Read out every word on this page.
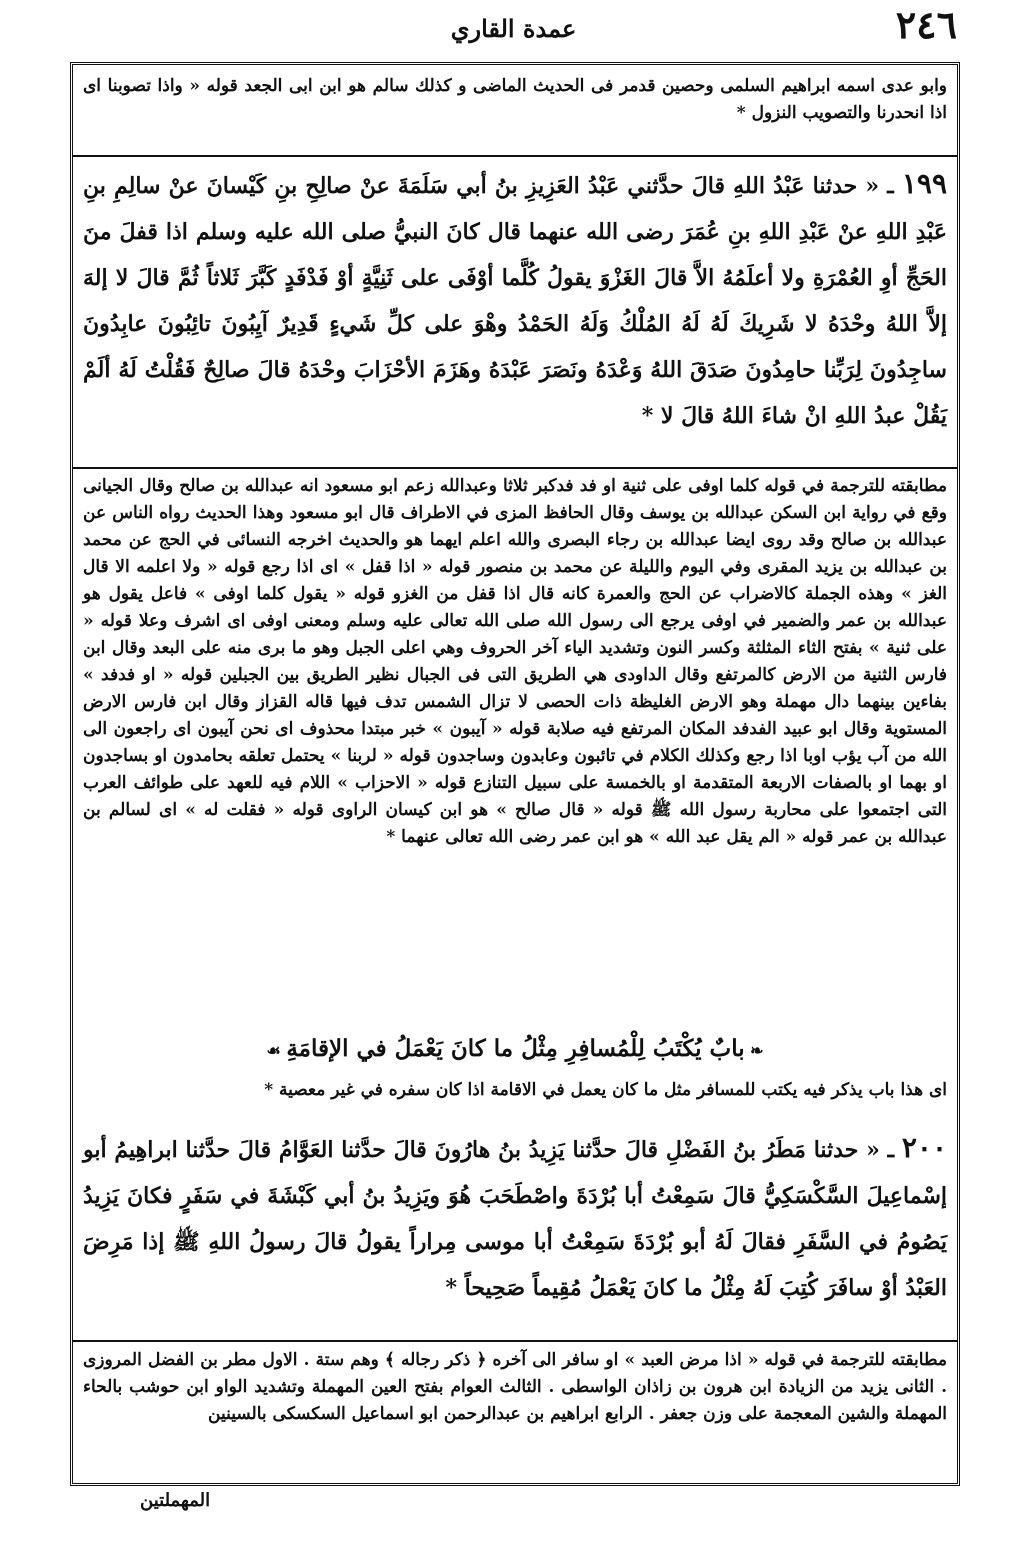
عمدة القاري	٢٤٦

وابو عدى اسمه ابراهيم السلمى وحصين قدمر فى الحديث الماضى و كذلك سالم هو ابن ابى الجعد قوله « واذا تصوبنا اى اذا انحدرنا والتصويب النزول *

١٩٩ ـ « حدثنا عَبْدُ اللهِ قالَ حدَّثني عَبْدُ العَزِيزِ بنُ أبي سَلَمَةَ عنْ صالِحِ بنِ كَيْسانَ عنْ سالِمِ بنِ عَبْدِ اللهِ عنْ عَبْدِ اللهِ بنِ عُمَرَ رضى الله عنهما قال كانَ النبيُّ صلى الله عليه وسلم اذا قفلَ منَ الحَجِّ أوِ العُمْرَةِ ولا أعلَمُهُ الاَّ قالَ الغَزْوَ يقولُ كُلَّما أوْفَى على ثَنِيَّةٍ أوْ فَدْفَدٍ كَبَّرَ ثَلاثاً ثُمَّ قالَ لا إلهَ إلاَّ اللهُ وحْدَهُ لا شَرِيكَ لَهُ لَهُ المُلْكُ وَلَهُ الحَمْدُ وهْوَ على كلِّ شَيءٍ قَدِيرٌ آيِبُونَ تائِبُونَ عابِدُونَ ساجِدُونَ لِرَبِّنا حامِدُونَ صَدَقَ اللهُ وَعْدَهُ ونَصَرَ عَبْدَهُ وهَزَمَ الأحْزَابَ وحْدَهُ قالَ صالِحٌ فَقُلْتُ لَهُ ألَمْ يَقُلْ عبدُ اللهِ انْ شاءَ اللهُ قالَ لا *

مطابقته للترجمة في قوله كلما اوفى على ثنية او فد فدكبر ثلاثا وعبدالله زعم ابو مسعود انه عبدالله بن صالح وقال الجيانى وقع في رواية ابن السكن عبدالله بن يوسف وقال الحافظ المزى في الاطراف قال ابو مسعود وهذا الحديث رواه الناس عن عبدالله بن صالح وقد روى ايضا عبدالله بن رجاء البصرى والله اعلم ايهما هو والحديث اخرجه النسائى في الحج عن محمد بن عبدالله بن يزيد المقرى وفي اليوم والليلة عن محمد بن منصور قوله « اذا قفل » اى اذا رجع قوله « ولا اعلمه الا قال الغز » وهذه الجملة كالاضراب عن الحج والعمرة كانه قال اذا قفل من الغزو قوله « يقول كلما اوفى » فاعل يقول هو عبدالله بن عمر والضمير في اوفى يرجع الى رسول الله صلى الله تعالى عليه وسلم ومعنى اوفى اى اشرف وعلا قوله « على ثنية » بفتح الثاء المثلثة وكسر النون وتشديد الياء آخر الحروف وهي اعلى الجبل وهو ما برى منه على البعد وقال ابن فارس الثنية من الارض كالمرتفع وقال الداودى هي الطريق التى فى الجبال نظير الطريق بين الجبلين قوله « او فدفد » بفاءين بينهما دال مهملة وهو الارض الغليظة ذات الحصى لا تزال الشمس تدف فيها قاله القزاز وقال ابن فارس الارض المستوية وقال ابو عبيد الفدفد المكان المرتفع فيه صلابة قوله « آيبون » خبر مبتدا محذوف اى نحن آيبون اى راجعون الى الله من آب يؤب اوبا اذا رجع وكذلك الكلام في تائبون وعابدون وساجدون قوله « لربنا » يحتمل تعلقه بحامدون او بساجدون او بهما او بالصفات الاربعة المتقدمة او بالخمسة على سبيل التنازع قوله « الاحزاب » اللام فيه للعهد على طوائف العرب التى اجتمعوا على محاربة رسول الله ﷺ قوله « قال صالح » هو ابن كيسان الراوى قوله « فقلت له » اى لسالم بن عبدالله بن عمر قوله « الم يقل عبد الله » هو ابن عمر رضى الله تعالى عنهما *

❧ بابٌ يُكْتَبُ لِلْمُسافِرِ مِثْلُ ما كانَ يَعْمَلُ في الإقامَةِ ☙

اى هذا باب يذكر فيه يكتب للمسافر مثل ما كان يعمل في الاقامة اذا كان سفره في غير معصية *

٢٠٠ ـ « حدثنا مَطَرُ بنُ الفَضْلِ قالَ حدَّثنا يَزِيدُ بنُ هارُونَ قالَ حدَّثنا العَوَّامُ قالَ حدَّثنا ابراهِيمُ أبو إسْماعِيلَ السَّكْسَكِيُّ قالَ سَمِعْتُ أبا بُرْدَةَ واصْطَحَبَ هُوَ ويَزِيدُ بنُ أبي كَبْشَةَ في سَفَرٍ فكانَ يَزِيدُ يَصُومُ في السَّفَرِ فقالَ لَهُ أبو بُرْدَةَ سَمِعْتُ أبا موسى مِراراً يقولُ قالَ رسولُ اللهِ ﷺ إذا مَرِضَ العَبْدُ أوْ سافَرَ كُتِبَ لَهُ مِثْلُ ما كانَ يَعْمَلُ مُقِيماً صَحِيحاً *

مطابقته للترجمة في قوله « اذا مرض العبد » او سافر الى آخره ﴿ ذكر رجاله ﴾ وهم ستة . الاول مطر بن الفضل المروزى . الثانى يزيد من الزيادة ابن هرون بن زاذان الواسطى . الثالث العوام بفتح العين المهملة وتشديد الواو ابن حوشب بالحاء المهملة والشين المعجمة على وزن جعفر . الرابع ابراهيم بن عبدالرحمن ابو اسماعيل السكسكى بالسينين

المهملتين
